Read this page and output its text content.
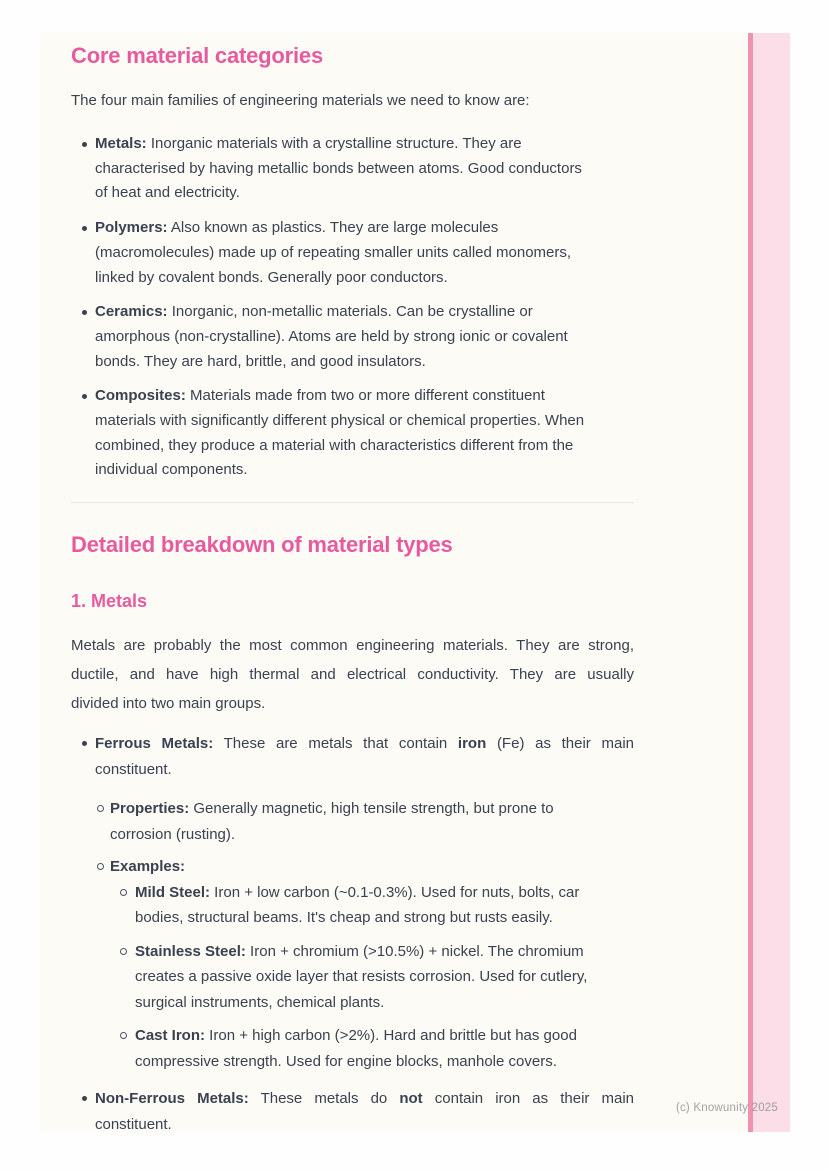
Core material categories

The four main families of engineering materials we need to know are:

Metals: Inorganic materials with a crystalline structure. They are
characterised by having metallic bonds between atoms. Good conductors
of heat and electricity.
Polymers: Also known as plastics. They are large molecules
(macromolecules) made up of repeating smaller units called monomers,
linked by covalent bonds. Generally poor conductors.
Ceramics: Inorganic, non-metallic materials. Can be crystalline or
amorphous (non-crystalline). Atoms are held by strong ionic or covalent
bonds. They are hard, brittle, and good insulators.
Composites: Materials made from two or more different constituent
materials with significantly different physical or chemical properties. When
combined, they produce a material with characteristics different from the
individual components.
Detailed breakdown of material types
1. Metals
Metals are probably the most common engineering materials. They are strong,
ductile, and have high thermal and electrical conductivity. They are usually
divided into two main groups.
Ferrous Metals: These are metals that contain iron (Fe) as their main
constituent.
Properties: Generally magnetic, high tensile strength, but prone to
corrosion (rusting).
Examples:
Mild Steel: Iron + low carbon (~0.1-0.3%). Used for nuts, bolts, car
bodies, structural beams. It's cheap and strong but rusts easily.
Stainless Steel: Iron + chromium (>10.5%) + nickel. The chromium
creates a passive oxide layer that resists corrosion. Used for cutlery,
surgical instruments, chemical plants.
Cast Iron: Iron + high carbon (>2%). Hard and brittle but has good
compressive strength. Used for engine blocks, manhole covers.
Non-Ferrous Metals: These metals do not contain iron as their main
constituent.
(c) Knowunity 2025
